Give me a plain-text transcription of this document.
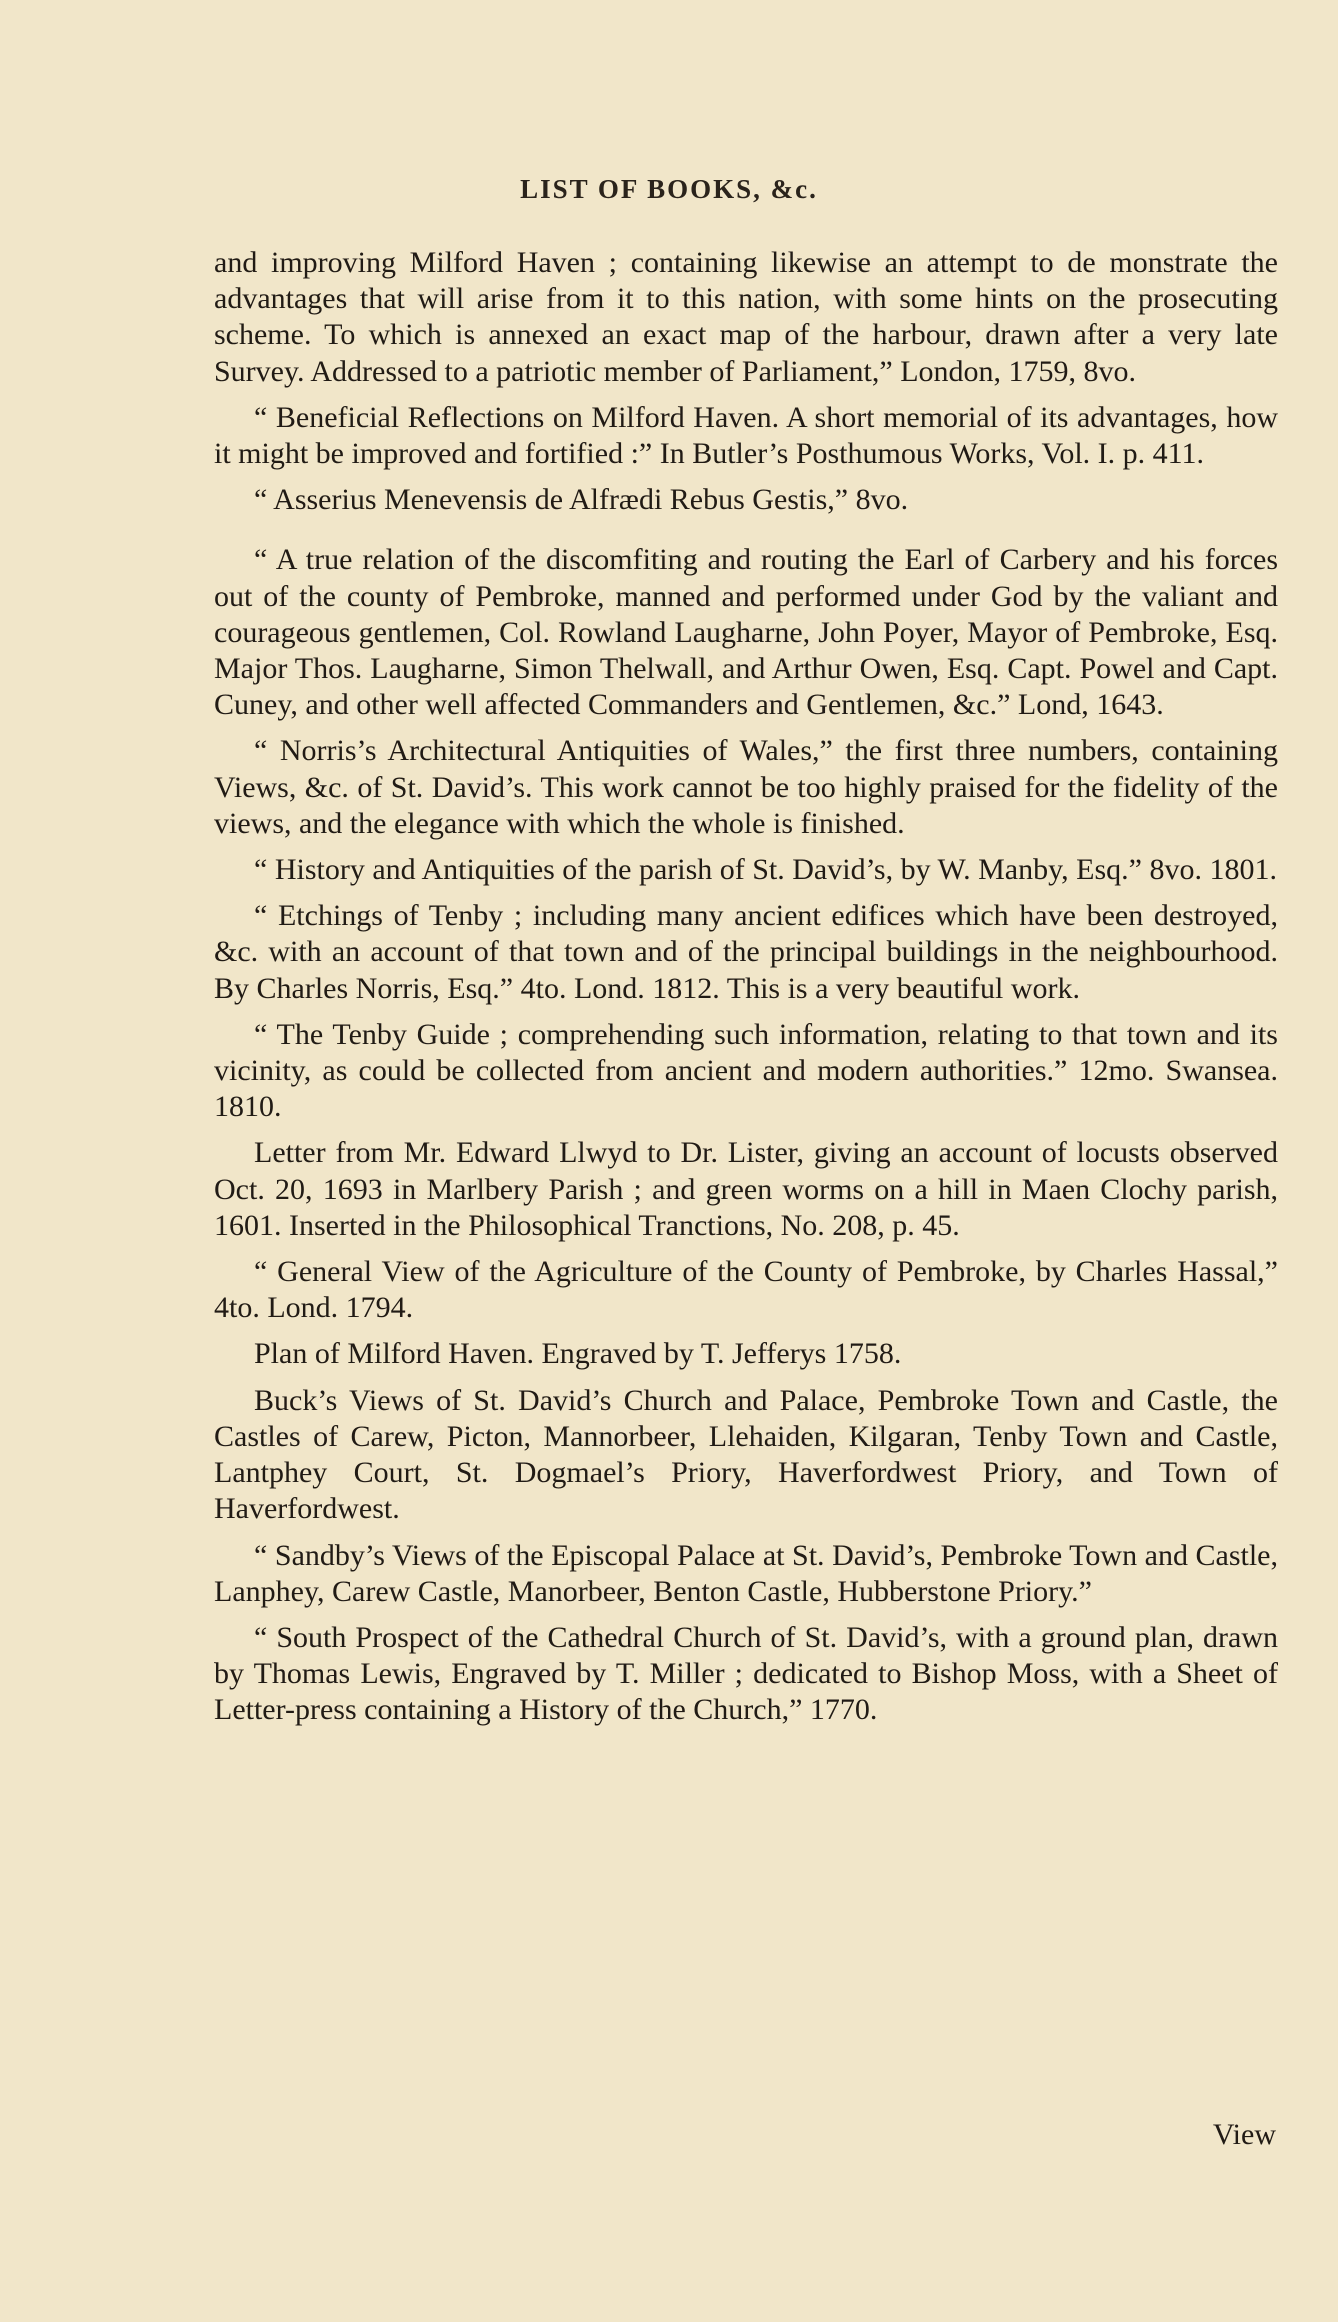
LIST OF BOOKS, &c.

and improving Milford Haven ; containing likewise an attempt to de monstrate the advantages that will arise from it to this nation, with some hints on the prosecuting scheme. To which is annexed an exact map of the harbour, drawn after a very late Survey. Addressed to a patriotic member of Parliament,” London, 1759, 8vo.

“ Beneficial Reflections on Milford Haven. A short memorial of its advantages, how it might be improved and fortified :” In Butler’s Posthumous Works, Vol. I. p. 411.

“ Asserius Menevensis de Alfrædi Rebus Gestis,” 8vo.

“ A true relation of the discomfiting and routing the Earl of Carbery and his forces out of the county of Pembroke, manned and performed under God by the valiant and courageous gentlemen, Col. Rowland Laugharne, John Poyer, Mayor of Pembroke, Esq. Major Thos. Laugharne, Simon Thelwall, and Arthur Owen, Esq. Capt. Powel and Capt. Cuney, and other well affected Commanders and Gentlemen, &c.” Lond, 1643.

“ Norris’s Architectural Antiquities of Wales,” the first three numbers, containing Views, &c. of St. David’s. This work cannot be too highly praised for the fidelity of the views, and the elegance with which the whole is finished.

“ History and Antiquities of the parish of St. David’s, by W. Manby, Esq.” 8vo. 1801.

“ Etchings of Tenby ; including many ancient edifices which have been destroyed, &c. with an account of that town and of the principal buildings in the neighbourhood. By Charles Norris, Esq.” 4to. Lond. 1812. This is a very beautiful work.

“ The Tenby Guide ; comprehending such information, relating to that town and its vicinity, as could be collected from ancient and modern authorities.” 12mo. Swansea. 1810.

Letter from Mr. Edward Llwyd to Dr. Lister, giving an account of locusts observed Oct. 20, 1693 in Marlbery Parish ; and green worms on a hill in Maen Clochy parish, 1601. Inserted in the Philosophical Tranctions, No. 208, p. 45.

“ General View of the Agriculture of the County of Pembroke, by Charles Hassal,” 4to. Lond. 1794.

Plan of Milford Haven. Engraved by T. Jefferys 1758.

Buck’s Views of St. David’s Church and Palace, Pembroke Town and Castle, the Castles of Carew, Picton, Mannorbeer, Llehaiden, Kilgaran, Tenby Town and Castle, Lantphey Court, St. Dogmael’s Priory, Haverfordwest Priory, and Town of Haverfordwest.

“ Sandby’s Views of the Episcopal Palace at St. David’s, Pembroke Town and Castle, Lanphey, Carew Castle, Manorbeer, Benton Castle, Hubberstone Priory.”

“ South Prospect of the Cathedral Church of St. David’s, with a ground plan, drawn by Thomas Lewis, Engraved by T. Miller ; dedicated to Bishop Moss, with a Sheet of Letter-press containing a History of the Church,” 1770.

View
